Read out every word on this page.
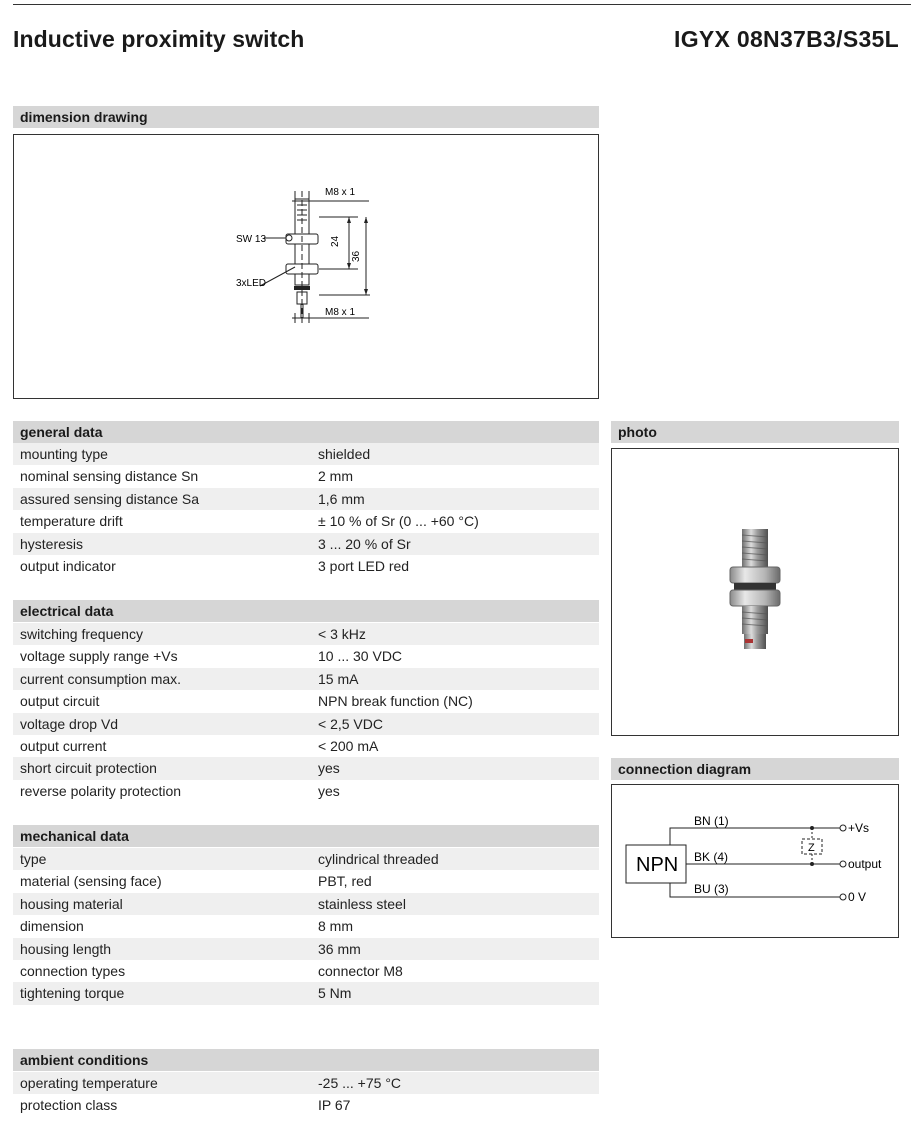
Inductive proximity switch	IGYX 08N37B3/S35L
dimension drawing
M8 x 1
M8 x 1
SW 13
3xLED
24
36
general data
mounting type	shielded
nominal sensing distance Sn	2 mm
assured sensing distance Sa	1,6 mm
temperature drift	± 10 % of Sr (0 ... +60 °C)
hysteresis	3 ... 20 % of Sr
output indicator	3 port LED red
electrical data
switching frequency	< 3 kHz
voltage supply range +Vs	10 ... 30 VDC
current consumption max.	15 mA
output circuit	NPN break function (NC)
voltage drop Vd	< 2,5 VDC
output current	< 200 mA
short circuit protection	yes
reverse polarity protection	yes
mechanical data
type	cylindrical threaded
material (sensing face)	PBT, red
housing material	stainless steel
dimension	8 mm
housing length	36 mm
connection types	connector M8
tightening torque	5 Nm
ambient conditions
operating temperature	-25 ... +75 °C
protection class	IP 67
photo
connection diagram
NPN
BN (1)
BK (4)
BU (3)
+Vs
output
0 V
Z
